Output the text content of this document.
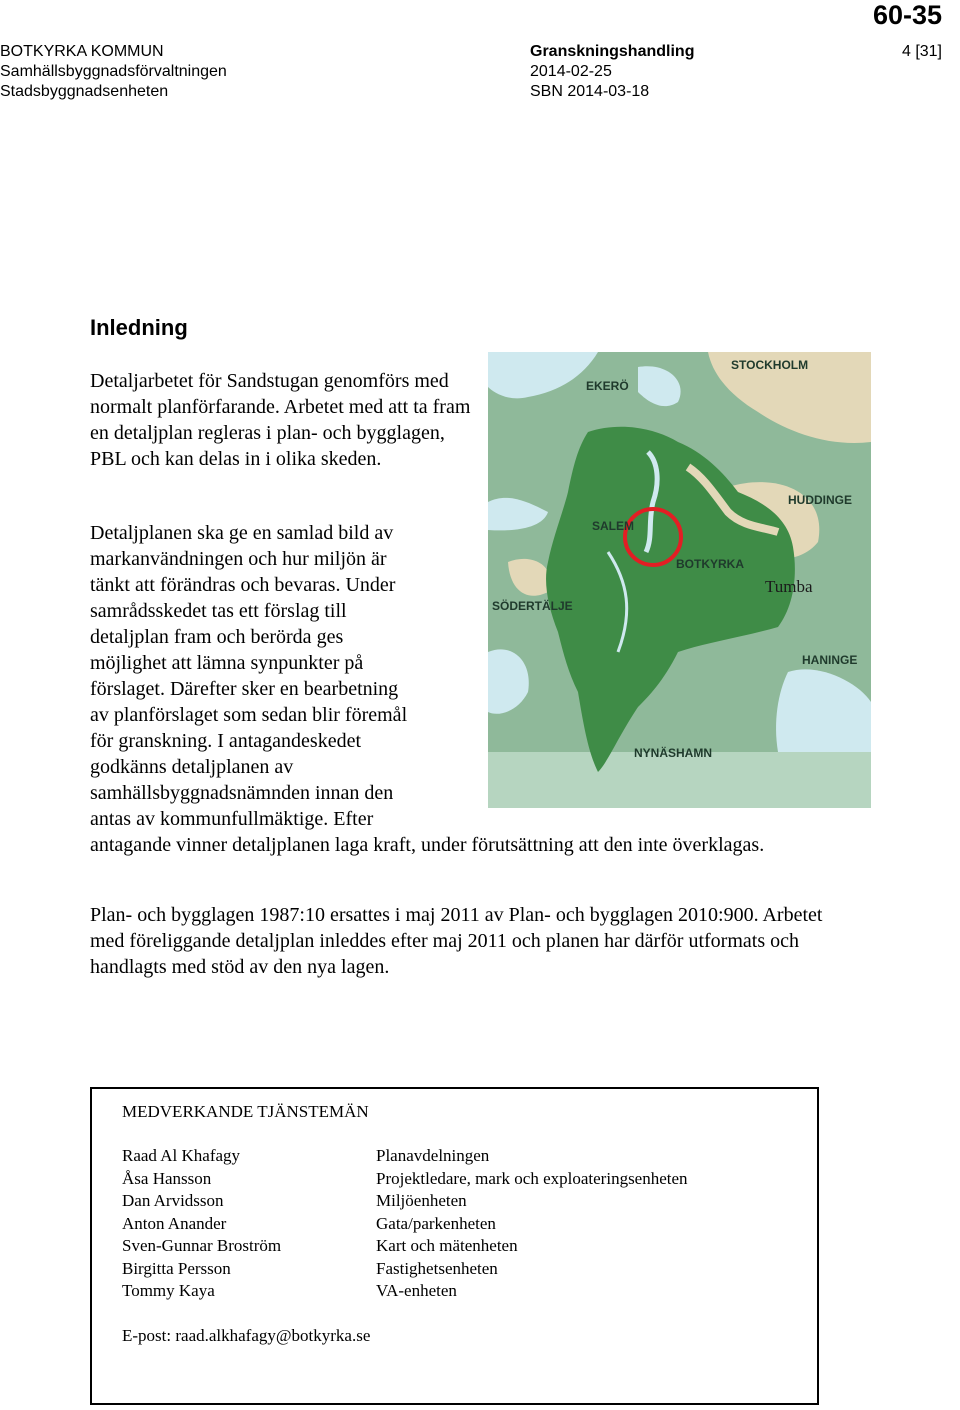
60-35
BOTKYRKA KOMMUN
Samhällsbyggnadsförvaltningen
Stadsbyggnadsenheten
Granskningshandling
2014-02-25
SBN 2014-03-18
4 [31]
Inledning
Detaljarbetet för Sandstugan genomförs med normalt planförfarande. Arbetet med att ta fram en detaljplan regleras i plan- och bygglagen, PBL och kan delas in i olika skeden.
Detaljplanen ska ge en samlad bild av
markanvändningen och hur miljön är
tänkt att förändras och bevaras. Under
samrådsskedet tas ett förslag till
detaljplan fram och berörda ges
möjlighet att lämna synpunkter på
förslaget. Därefter sker en bearbetning
av planförslaget som sedan blir föremål
för granskning. I antagandeskedet
godkänns detaljplanen av
samhällsbyggnadsnämnden innan den
antas av kommunfullmäktige. Efter
antagande vinner detaljplanen laga kraft, under förutsättning att den inte överklagas.
Plan- och bygglagen 1987:10 ersattes i maj 2011 av Plan- och bygglagen 2010:900. Arbetet med föreliggande detaljplan inleddes efter maj 2011 och planen har därför utformats och handlagts med stöd av den nya lagen.
STOCKHOLM
EKERÖ
HUDDINGE
SALEM
BOTKYRKA
SÖDERTÄLJE
HANINGE
NYNÄSHAMN
Tumba
MEDVERKANDE TJÄNSTEMÄN
Raad Al Khafagy
Åsa Hansson
Dan Arvidsson
Anton Anander
Sven-Gunnar Broström
Birgitta Persson
Tommy Kaya
Planavdelningen
Projektledare, mark och exploateringsenheten
Miljöenheten
Gata/parkenheten
Kart och mätenheten
Fastighetsenheten
VA-enheten
E-post: raad.alkhafagy@botkyrka.se
